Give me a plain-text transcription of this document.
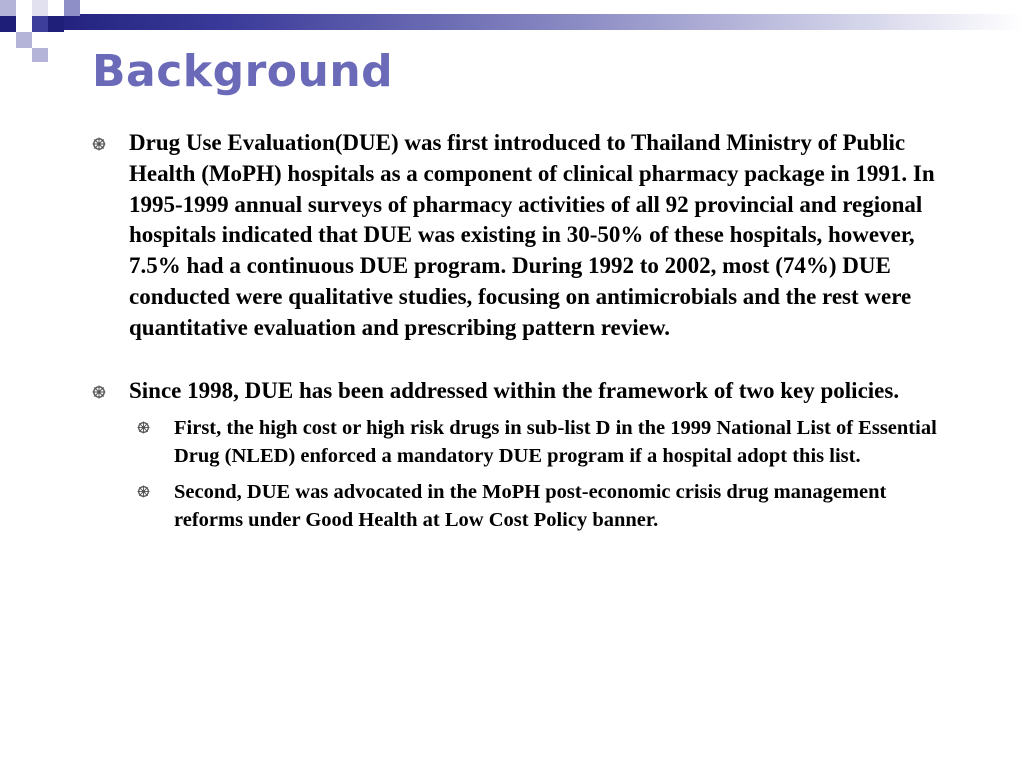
Background
Drug Use Evaluation(DUE) was first introduced to Thailand Ministry of Public Health (MoPH) hospitals as a component of clinical pharmacy package in 1991. In 1995-1999 annual surveys of pharmacy activities of all 92 provincial and regional hospitals indicated that DUE was existing in 30-50% of these hospitals, however, 7.5% had a continuous DUE program. During 1992 to 2002, most (74%) DUE conducted were qualitative studies, focusing on antimicrobials and the rest were quantitative evaluation and prescribing pattern review.
Since 1998, DUE has been addressed within the framework of two key policies.
First, the high cost or high risk drugs in sub-list D in the 1999 National List of Essential Drug (NLED) enforced a mandatory DUE program if a hospital adopt this list.
Second, DUE was advocated in the MoPH post-economic crisis drug management reforms under Good Health at Low Cost Policy banner.
